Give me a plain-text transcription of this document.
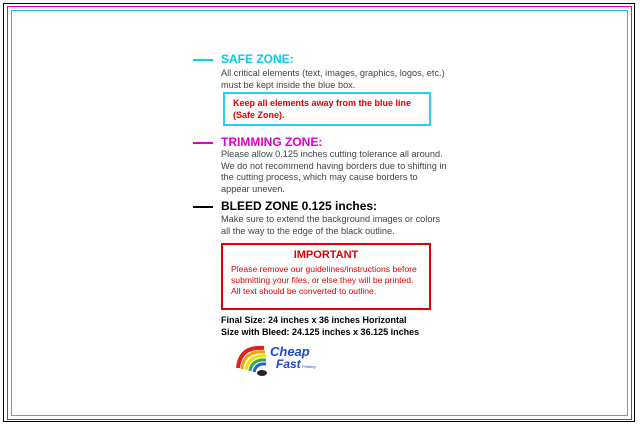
SAFE ZONE:
All critical elements (text, images, graphics, logos, etc.)
must be kept inside the blue box.
Keep all elements away from the blue line
(Safe Zone).
TRIMMING ZONE:
Please allow 0.125 inches cutting tolerance all around.
We do not recommend having borders due to shifting in
the cutting process, which may cause borders to
appear uneven.
BLEED ZONE 0.125 inches:
Make sure to extend the background images or colors
all the way to the edge of the black outline.
IMPORTANT
Please remove our guidelines/instructions before
submitting your files, or else they will be printed.
All text should be converted to outline.
Final Size: 24 inches x 36 inches Horizontal
Size with Bleed: 24.125 inches x 36.125 inches
Cheap
Fast Printing
